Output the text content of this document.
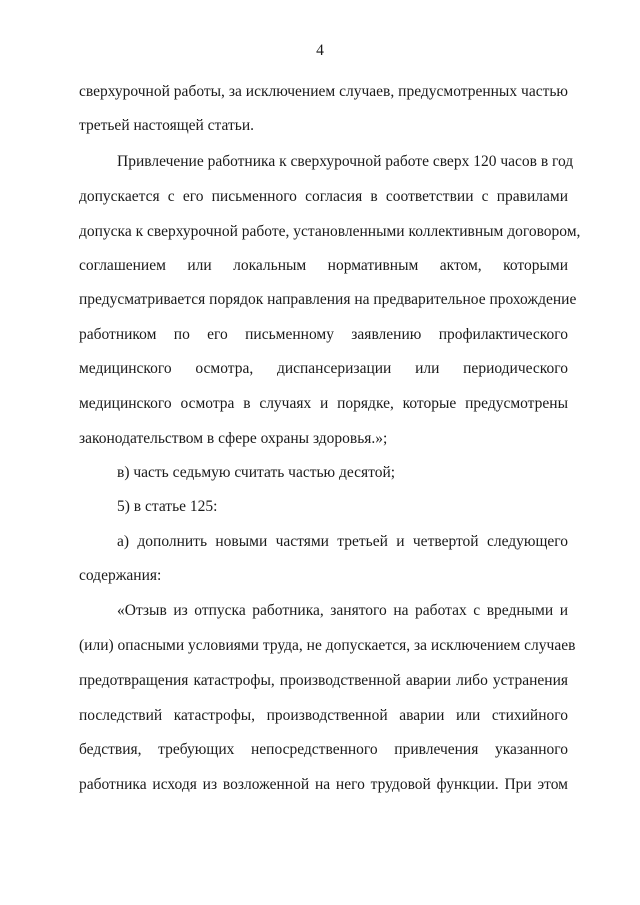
4
сверхурочной работы, за исключением случаев, предусмотренных частью
третьей настоящей статьи.
Привлечение работника к сверхурочной работе сверх 120 часов в год
допускается с его письменного согласия в соответствии с правилами
допуска к сверхурочной работе, установленными коллективным договором,
соглашением или локальным нормативным актом, которыми
предусматривается порядок направления на предварительное прохождение
работником по его письменному заявлению профилактического
медицинского осмотра, диспансеризации или периодического
медицинского осмотра в случаях и порядке, которые предусмотрены
законодательством в сфере охраны здоровья.»;
в) часть седьмую считать частью десятой;
5) в статье 125:
а) дополнить новыми частями третьей и четвертой следующего
содержания:
«Отзыв из отпуска работника, занятого на работах с вредными и
(или) опасными условиями труда, не допускается, за исключением случаев
предотвращения катастрофы, производственной аварии либо устранения
последствий катастрофы, производственной аварии или стихийного
бедствия, требующих непосредственного привлечения указанного
работника исходя из возложенной на него трудовой функции. При этом
